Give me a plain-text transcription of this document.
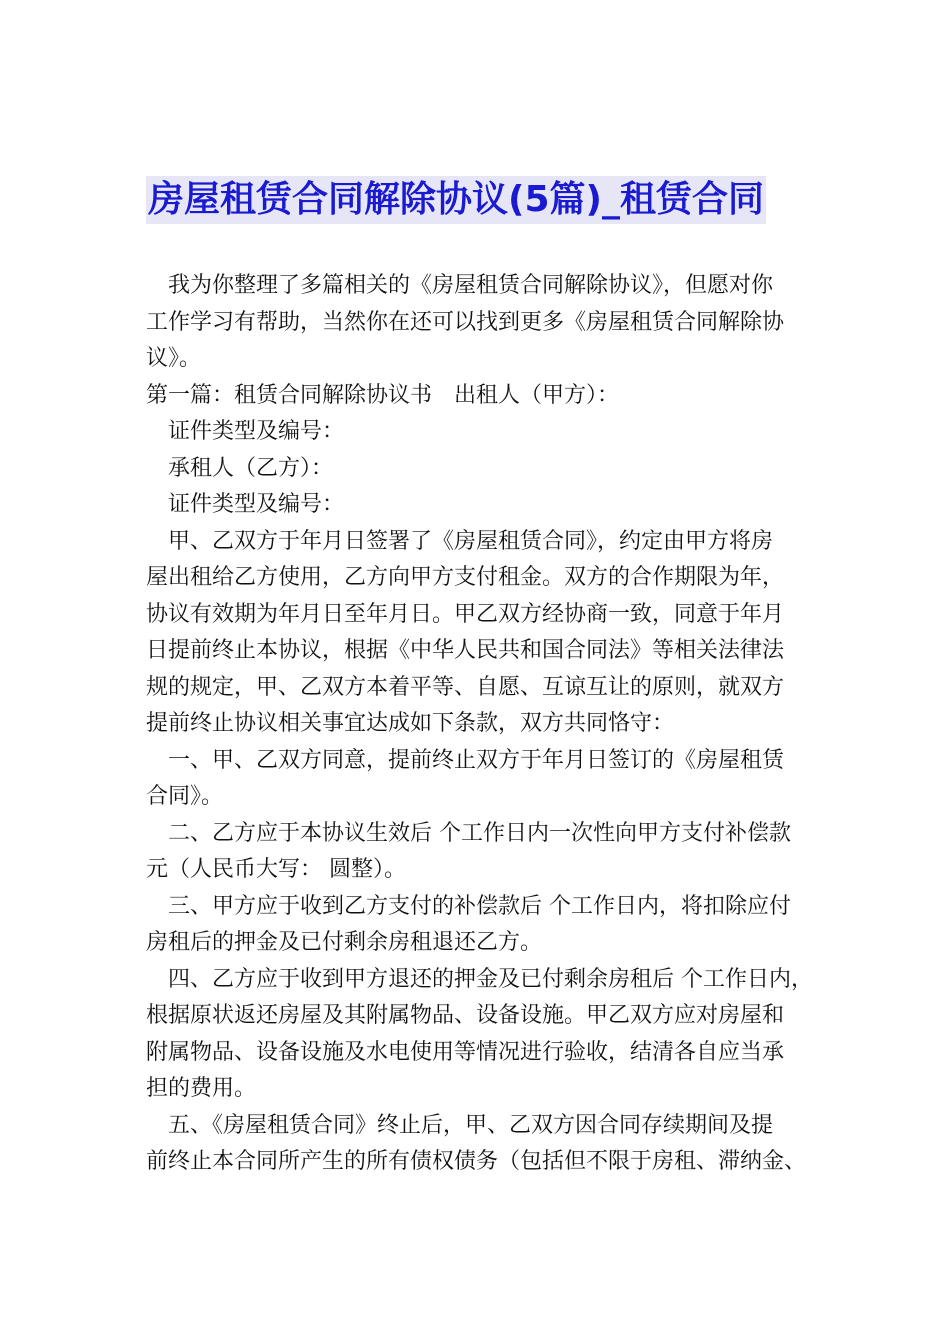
房屋租赁合同解除协议(5篇)_租赁合同

我为你整理了多篇相关的《房屋租赁合同解除协议》，但愿对你

工作学习有帮助，当然你在还可以找到更多《房屋租赁合同解除协

议》。

第一篇：租赁合同解除协议书　出租人（甲方）：

证件类型及编号：

承租人（乙方）：

证件类型及编号：

甲、乙双方于年月日签署了《房屋租赁合同》，约定由甲方将房

屋出租给乙方使用，乙方向甲方支付租金。双方的合作期限为年，

协议有效期为年月日至年月日。甲乙双方经协商一致，同意于年月

日提前终止本协议，根据《中华人民共和国合同法》等相关法律法

规的规定，甲、乙双方本着平等、自愿、互谅互让的原则，就双方

提前终止协议相关事宜达成如下条款，双方共同恪守：

一、甲、乙双方同意，提前终止双方于年月日签订的《房屋租赁

合同》。

二、乙方应于本协议生效后 个工作日内一次性向甲方支付补偿款

元（人民币大写： 圆整）。

三、甲方应于收到乙方支付的补偿款后 个工作日内，将扣除应付

房租后的押金及已付剩余房租退还乙方。

四、乙方应于收到甲方退还的押金及已付剩余房租后 个工作日内，

根据原状返还房屋及其附属物品、设备设施。甲乙双方应对房屋和

附属物品、设备设施及水电使用等情况进行验收，结清各自应当承

担的费用。

五、《房屋租赁合同》终止后，甲、乙双方因合同存续期间及提

前终止本合同所产生的所有债权债务（包括但不限于房租、滞纳金、
